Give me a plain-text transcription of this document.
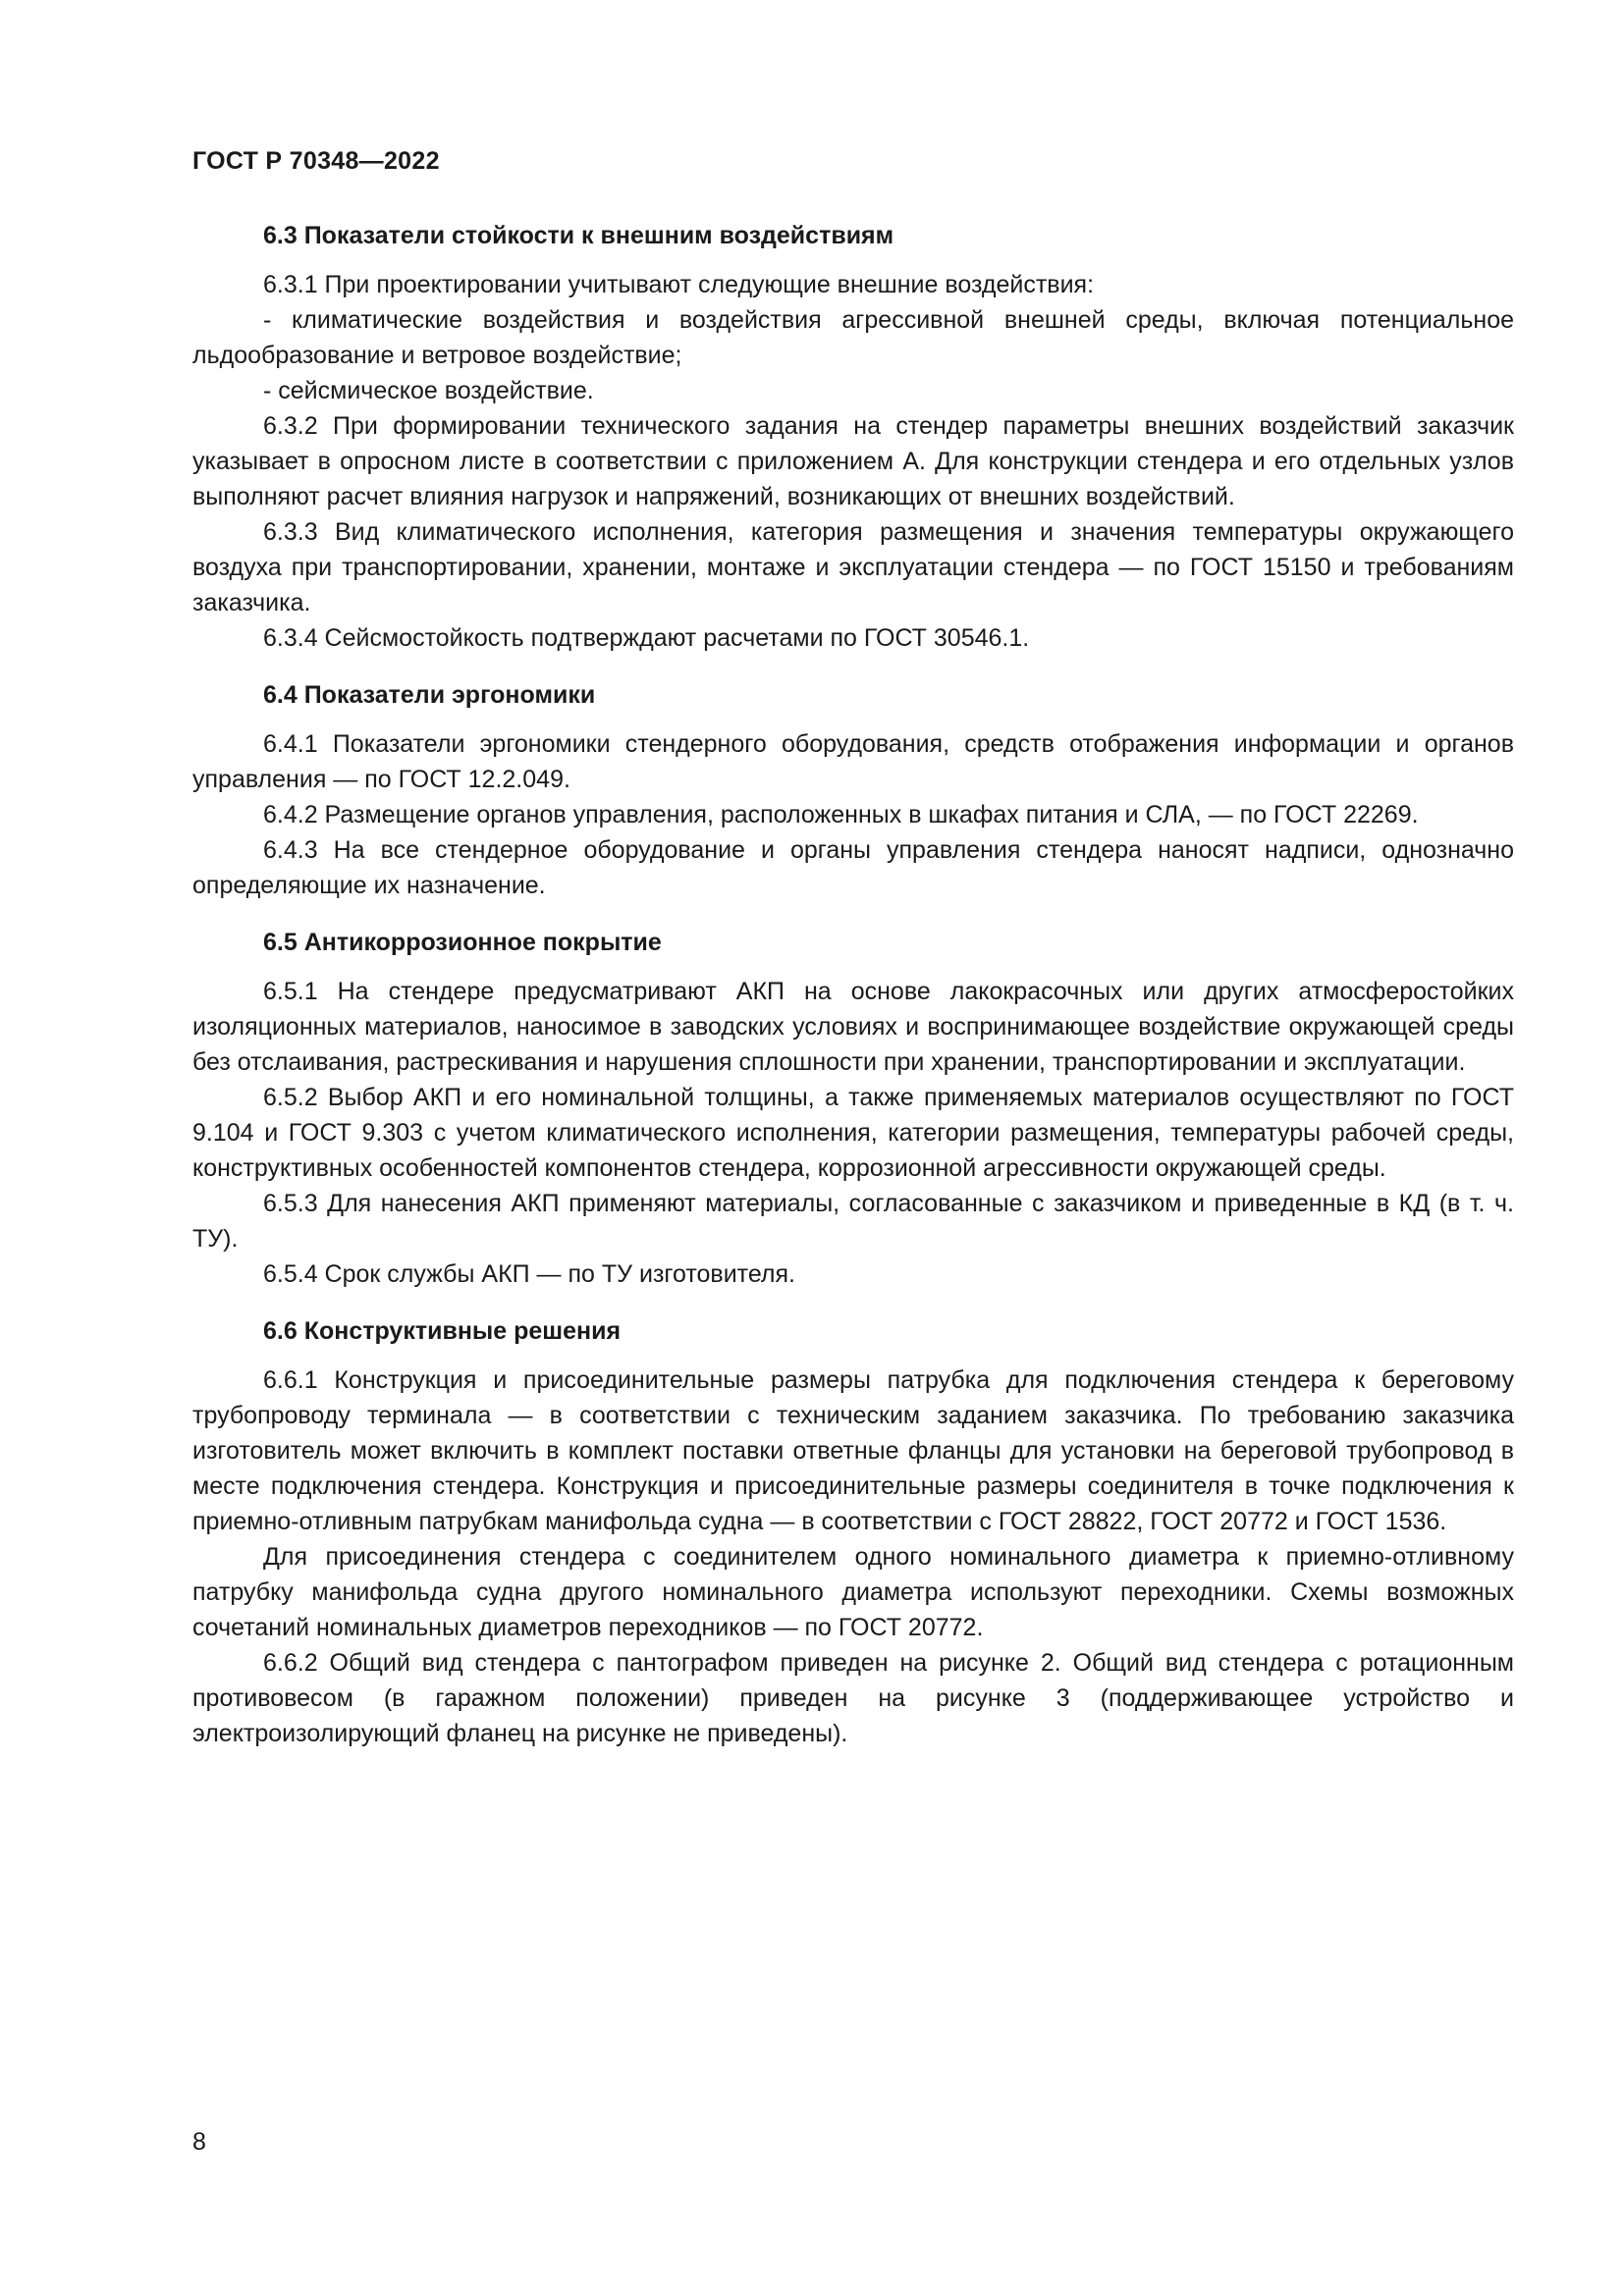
ГОСТ Р 70348—2022
6.3 Показатели стойкости к внешним воздействиям

6.3.1 При проектировании учитывают следующие внешние воздействия:

- климатические воздействия и воздействия агрессивной внешней среды, включая потенциальное льдообразование и ветровое воздействие;

- сейсмическое воздействие.

6.3.2 При формировании технического задания на стендер параметры внешних воздействий заказчик указывает в опросном листе в соответствии с приложением А. Для конструкции стендера и его отдельных узлов выполняют расчет влияния нагрузок и напряжений, возникающих от внешних воздействий.

6.3.3 Вид климатического исполнения, категория размещения и значения температуры окружающего воздуха при транспортировании, хранении, монтаже и эксплуатации стендера — по ГОСТ 15150 и требованиям заказчика.

6.3.4 Сейсмостойкость подтверждают расчетами по ГОСТ 30546.1.

6.4 Показатели эргономики

6.4.1 Показатели эргономики стендерного оборудования, средств отображения информации и органов управления — по ГОСТ 12.2.049.

6.4.2 Размещение органов управления, расположенных в шкафах питания и СЛА, — по ГОСТ 22269.

6.4.3 На все стендерное оборудование и органы управления стендера наносят надписи, однозначно определяющие их назначение.

6.5 Антикоррозионное покрытие

6.5.1 На стендере предусматривают АКП на основе лакокрасочных или других атмосферостойких изоляционных материалов, наносимое в заводских условиях и воспринимающее воздействие окружающей среды без отслаивания, растрескивания и нарушения сплошности при хранении, транспортировании и эксплуатации.

6.5.2 Выбор АКП и его номинальной толщины, а также применяемых материалов осуществляют по ГОСТ 9.104 и ГОСТ 9.303 с учетом климатического исполнения, категории размещения, температуры рабочей среды, конструктивных особенностей компонентов стендера, коррозионной агрессивности окружающей среды.

6.5.3 Для нанесения АКП применяют материалы, согласованные с заказчиком и приведенные в КД (в т. ч. ТУ).

6.5.4 Срок службы АКП — по ТУ изготовителя.

6.6 Конструктивные решения

6.6.1 Конструкция и присоединительные размеры патрубка для подключения стендера к береговому трубопроводу терминала — в соответствии с техническим заданием заказчика. По требованию заказчика изготовитель может включить в комплект поставки ответные фланцы для установки на береговой трубопровод в месте подключения стендера. Конструкция и присоединительные размеры соединителя в точке подключения к приемно-отливным патрубкам манифольда судна — в соответствии с ГОСТ 28822, ГОСТ 20772 и ГОСТ 1536.

Для присоединения стендера с соединителем одного номинального диаметра к приемно-отливному патрубку манифольда судна другого номинального диаметра используют переходники. Схемы возможных сочетаний номинальных диаметров переходников — по ГОСТ 20772.

6.6.2 Общий вид стендера с пантографом приведен на рисунке 2. Общий вид стендера с ротационным противовесом (в гаражном положении) приведен на рисунке 3 (поддерживающее устройство и электроизолирующий фланец на рисунке не приведены).

8
